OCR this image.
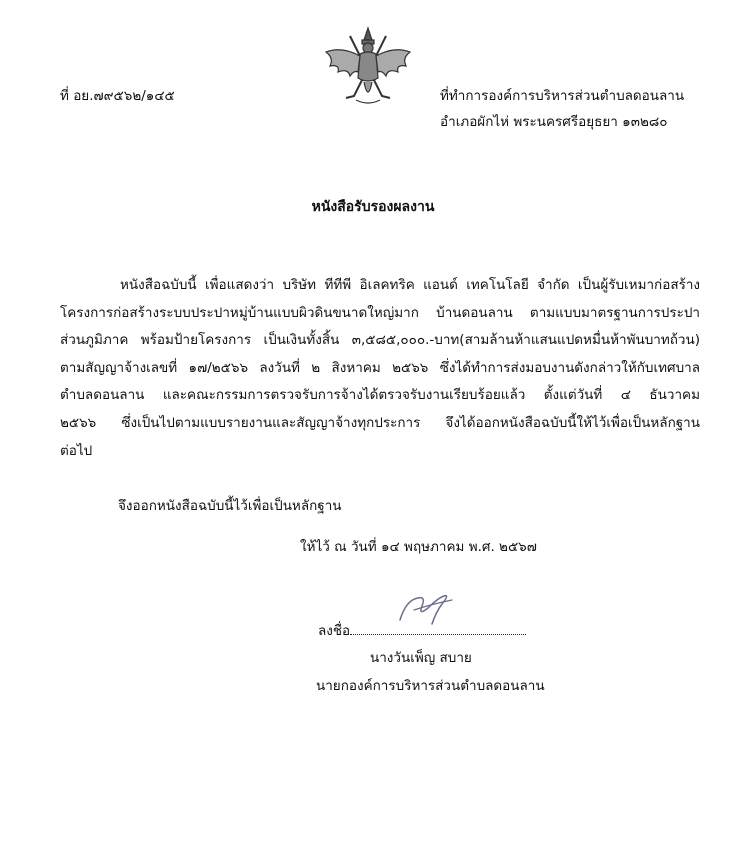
ที่ อย.๗๙๕๖๒/๑๔๕	ที่ทำการองค์การบริหารส่วนตำบลดอนลาน
อำเภอผักไห่ พระนครศรีอยุธยา ๑๓๒๘๐
หนังสือรับรองผลงาน
หนังสือฉบับนี้ เพื่อแสดงว่า บริษัท ทีทีพี อิเลคทริค แอนด์ เทคโนโลยี จำกัด เป็นผู้รับเหมาก่อสร้าง
โครงการก่อสร้างระบบประปาหมู่บ้านแบบผิวดินขนาดใหญ่มาก บ้านดอนลาน ตามแบบมาตรฐานการประปา
ส่วนภูมิภาค พร้อมป้ายโครงการ เป็นเงินทั้งสิ้น ๓,๕๘๕,๐๐๐.-บาท(สามล้านห้าแสนแปดหมื่นห้าพันบาทถ้วน)
ตามสัญญาจ้างเลขที่ ๑๗/๒๕๖๖ ลงวันที่ ๒ สิงหาคม ๒๕๖๖ ซึ่งได้ทำการส่งมอบงานดังกล่าวให้กับเทศบาล
ตำบลดอนลาน และคณะกรรมการตรวจรับการจ้างได้ตรวจรับงานเรียบร้อยแล้ว ตั้งแต่วันที่ ๔ ธันวาคม
๒๕๖๖ ซึ่งเป็นไปตามแบบรายงานและสัญญาจ้างทุกประการ จึงได้ออกหนังสือฉบับนี้ให้ไว้เพื่อเป็นหลักฐาน
ต่อไป
จึงออกหนังสือฉบับนี้ไว้เพื่อเป็นหลักฐาน
ให้ไว้ ณ วันที่ ๑๔ พฤษภาคม พ.ศ. ๒๕๖๗
ลงชื่อ
นางวันเพ็ญ สบาย
นายกองค์การบริหารส่วนตำบลดอนลาน
